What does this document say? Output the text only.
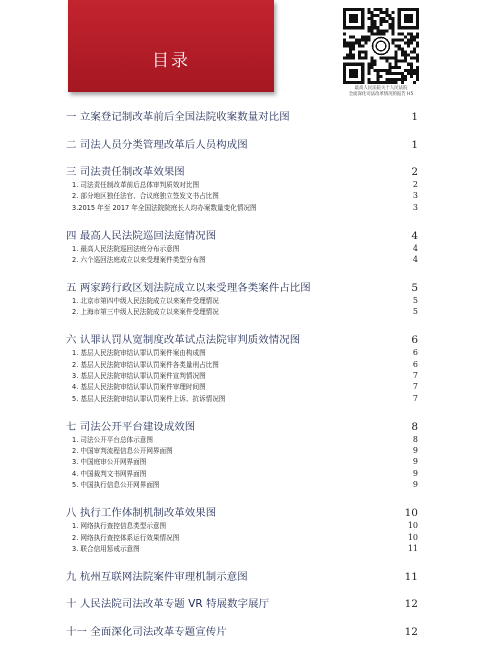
目录
最高人民法院关于人民法院
全面深化司法改革情况的报告 H5
一 立案登记制改革前后全国法院收案数量对比图	1
二 司法人员分类管理改革后人员构成图	1
三 司法责任制改革效果图	2
1. 司法责任制改革前后总体审判质效对比图	2
2. 部分地区独任法官、合议庭独立签发文书占比图	3
3.2015 年至 2017 年全国法院院庭长人均办案数量变化情况图	3
四 最高人民法院巡回法庭情况图	4
1. 最高人民法院巡回法庭分布示意图	4
2. 六个巡回法庭成立以来受理案件类型分布图	4
五 两家跨行政区划法院成立以来受理各类案件占比图	5
1. 北京市第四中级人民法院成立以来案件受理情况	5
2. 上海市第三中级人民法院成立以来案件受理情况	5
六 认罪认罚从宽制度改革试点法院审判质效情况图	6
1. 基层人民法院审结认罪认罚案件案由构成图	6
2. 基层人民法院审结认罪认罚案件各类量刑占比图	6
3. 基层人民法院审结认罪认罚案件宣判情况图	7
4. 基层人民法院审结认罪认罚案件审理时间图	7
5. 基层人民法院审结认罪认罚案件上诉、抗诉情况图	7
七 司法公开平台建设成效图	8
1. 司法公开平台总体示意图	8
2. 中国审判流程信息公开网界面图	9
3. 中国庭审公开网界面图	9
4. 中国裁判文书网界面图	9
5. 中国执行信息公开网界面图	9
八 执行工作体制机制改革效果图	10
1. 网络执行查控信息类型示意图	10
2. 网络执行查控体系运行效果情况图	10
3. 联合信用惩戒示意图	11
九 杭州互联网法院案件审理机制示意图	11
十 人民法院司法改革专题 VR 特展数字展厅	12
十一 全面深化司法改革专题宣传片	12
